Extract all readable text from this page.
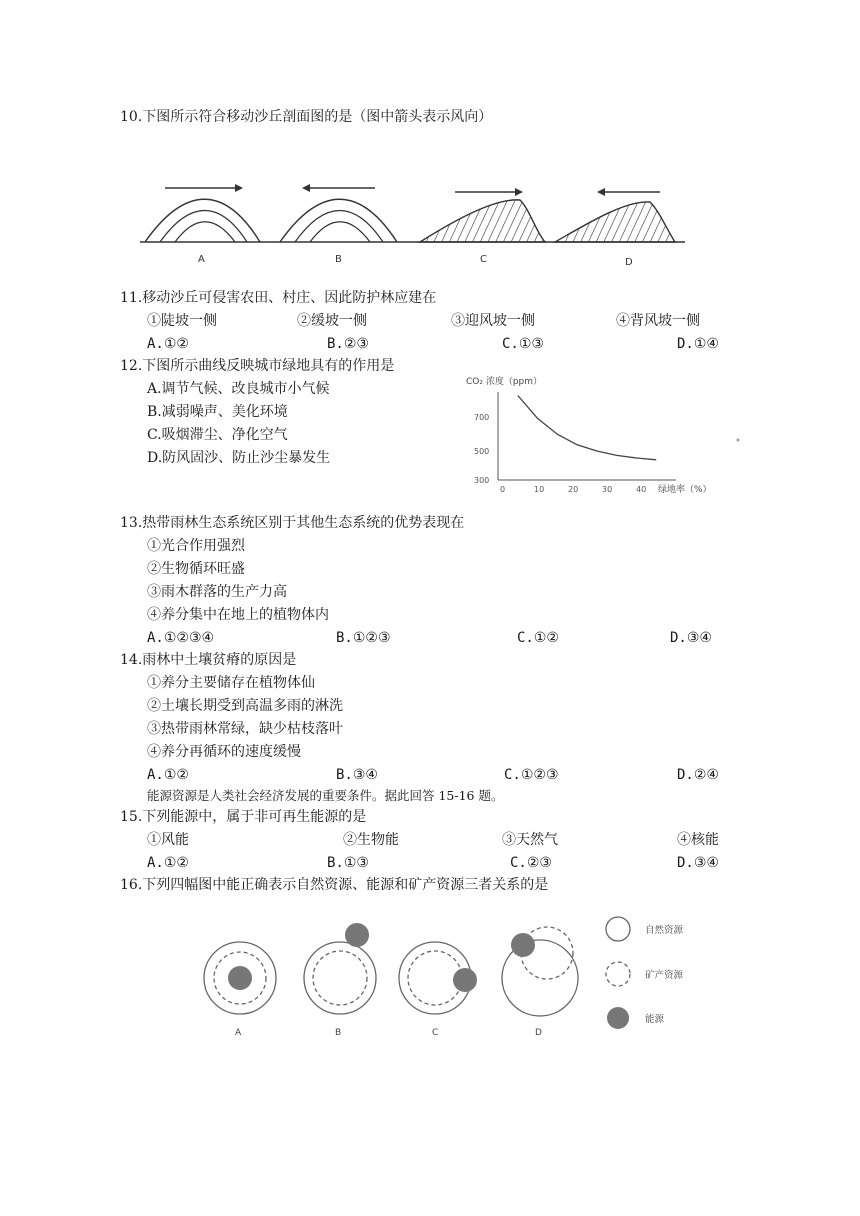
10.下图所示符合移动沙丘剖面图的是（图中箭头表示风向）
A	B	C	D
11.移动沙丘可侵害农田、村庄、因此防护林应建在
①陡坡一侧	②缓坡一侧	③迎风坡一侧	④背风坡一侧
A.①②	B.②③	C.①③	D.①④
12.下图所示曲线反映城市绿地具有的作用是
A.调节气候、改良城市小气候
B.减弱噪声、美化环境
C.吸烟滞尘、净化空气
D.防风固沙、防止沙尘暴发生
CO₂ 浓度（ppm）
700
500
300
0	10	20	30	40 绿地率（%）
•
13.热带雨林生态系统区别于其他生态系统的优势表现在
①光合作用强烈
②生物循环旺盛
③雨木群落的生产力高
④养分集中在地上的植物体内
A.①②③④	B.①②③	C.①②	D.③④
14.雨林中土壤贫瘠的原因是
①养分主要储存在植物体仙
②土壤长期受到高温多雨的淋洗
③热带雨林常绿，缺少枯枝落叶
④养分再循环的速度缓慢
A.①②	B.③④	C.①②③	D.②④
能源资源是人类社会经济发展的重要条件。据此回答 15-16 题。
15.下列能源中，属于非可再生能源的是
①风能	②生物能	③天然气	④核能
A.①②	B.①③	C.②③	D.③④
16.下列四幅图中能正确表示自然资源、能源和矿产资源三者关系的是
A	B	C	D
自然资源
矿产资源
能源
